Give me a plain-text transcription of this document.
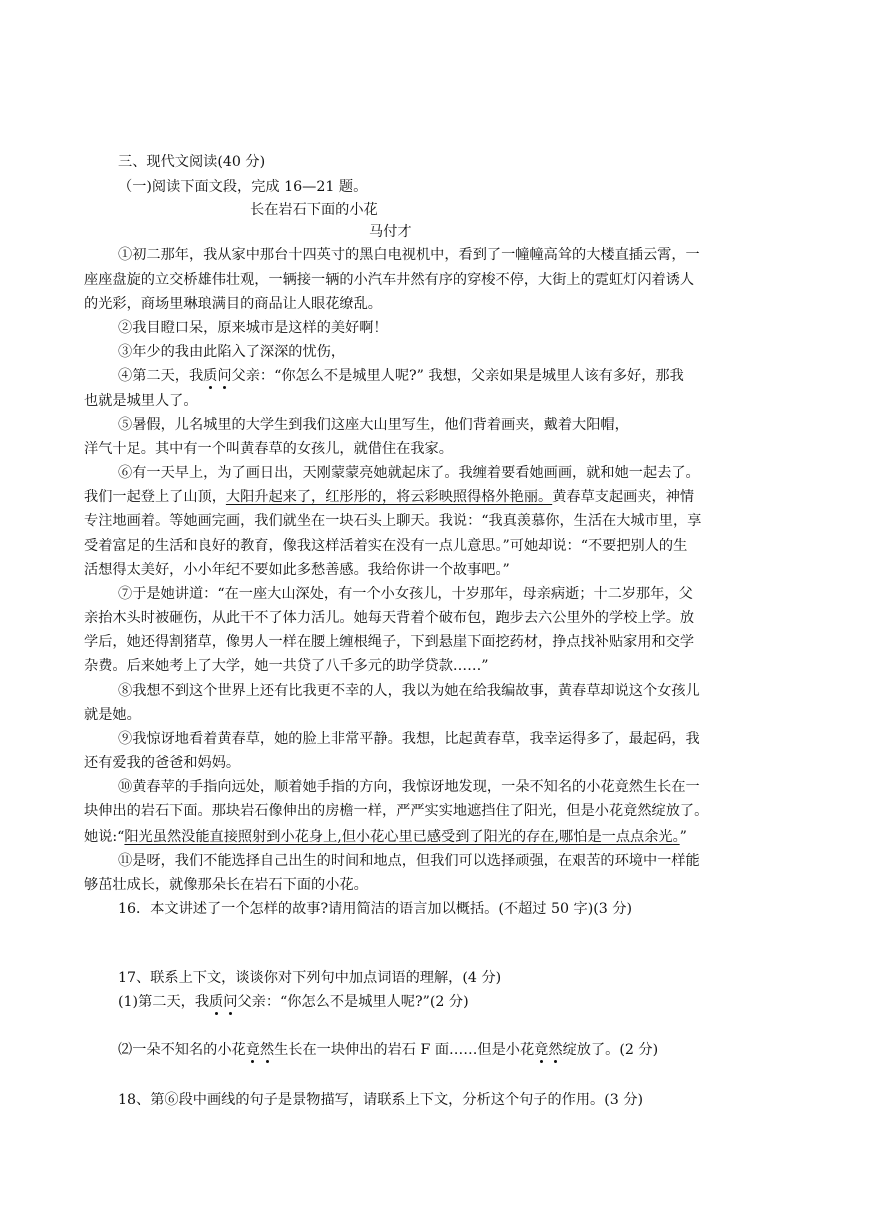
三、现代文阅读(40 分)
（一)阅读下面文段，完成 16—21 题。
长在岩石下面的小花
马付才
①初二那年，我从家中那台十四英寸的黑白电视机中，看到了一幢幢高耸的大楼直插云霄，一
座座盘旋的立交桥雄伟壮观，一辆接一辆的小汽车井然有序的穿梭不停，大街上的霓虹灯闪着诱人
的光彩，商场里琳琅满目的商品让人眼花缭乱。
②我目瞪口呆，原来城市是这样的美好啊！
③年少的我由此陷入了深深的忧伤，
④第二天，我质问父亲：“你怎么不是城里人呢?” 我想，父亲如果是城里人该有多好，那我
也就是城里人了。
⑤暑假，儿名城里的大学生到我们这座大山里写生，他们背着画夹，戴着大阳帽，
洋气十足。其中有一个叫黄春草的女孩儿，就借住在我家。
⑥有一天早上，为了画日出，天刚蒙蒙亮她就起床了。我缠着要看她画画，就和她一起去了。
我们一起登上了山顶，大阳升起来了，红彤彤的，将云彩映照得格外艳丽。黄春草支起画夹，神情
专注地画着。等她画完画，我们就坐在一块石头上聊天。我说：“我真羡慕你，生活在大城市里，享
受着富足的生活和良好的教育，像我这样活着实在没有一点儿意思。”可她却说：“不要把别人的生
活想得太美好，小小年纪不要如此多愁善感。我给你讲一个故事吧。”
⑦于是她讲道：“在一座大山深处，有一个小女孩儿，十岁那年，母亲病逝；十二岁那年，父
亲抬木头时被砸伤，从此干不了体力活儿。她每天背着个破布包，跑步去六公里外的学校上学。放
学后，她还得割猪草，像男人一样在腰上缠根绳子，下到悬崖下面挖药材，挣点找补贴家用和交学
杂费。后来她考上了大学，她一共贷了八千多元的助学贷款……”
⑧我想不到这个世界上还有比我更不幸的人，我以为她在给我编故事，黄春草却说这个女孩儿
就是她。
⑨我惊讶地看着黄春草，她的脸上非常平静。我想，比起黄春草，我幸运得多了，最起码，我
还有爱我的爸爸和妈妈。
⑩黄春苹的手指向远处，顺着她手指的方向，我惊讶地发现，一朵不知名的小花竟然生长在一
块伸出的岩石下面。那块岩石像伸出的房檐一样，严严实实地遮挡住了阳光，但是小花竟然绽放了。
她说:“阳光虽然没能直接照射到小花身上,但小花心里已感受到了阳光的存在,哪怕是一点点余光。”
⑪是呀，我们不能选择自己出生的时间和地点，但我们可以选择顽强，在艰苦的环境中一样能
够茁壮成长，就像那朵长在岩石下面的小花。
16．本文讲述了一个怎样的故事?请用简洁的语言加以概括。(不超过 50 字)(3 分)
17、联系上下文，谈谈你对下列句中加点词语的理解，(4 分)
(1)第二天，我质问父亲：“你怎么不是城里人呢?”(2 分)
⑵一朵不知名的小花竟然生长在一块伸出的岩石 F 面……但是小花竟然绽放了。(2 分)
18、第⑥段中画线的句子是景物描写，请联系上下文，分析这个句子的作用。(3 分)
